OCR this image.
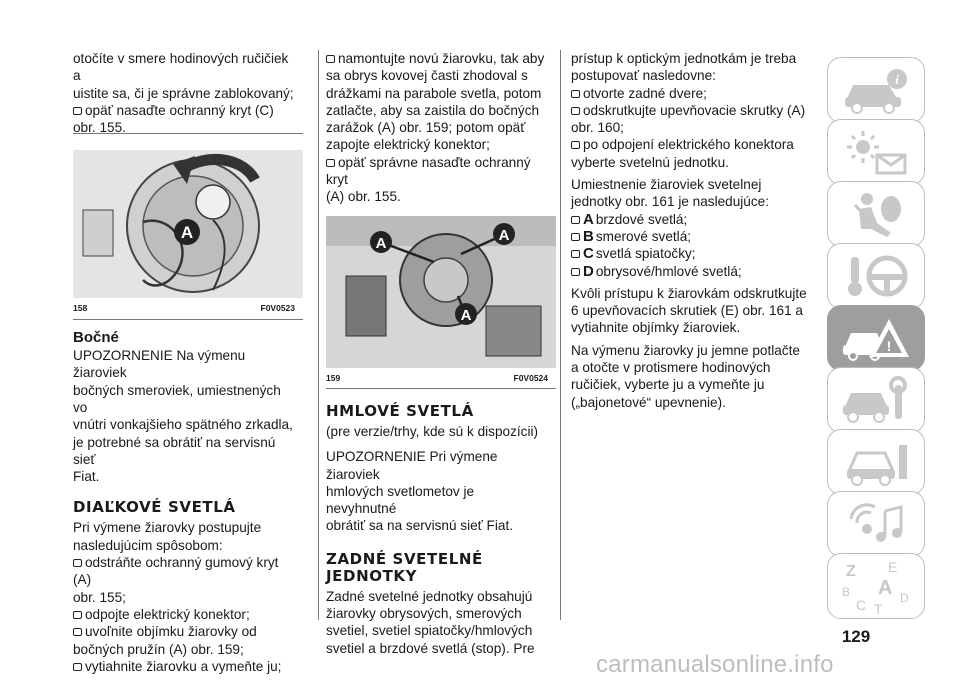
otočíte v smere hodinových ručičiek a

uistite sa, či je správne zablokovaný;

opäť nasaďte ochranný kryt (C)

obr. 155.

A
158	F0V0523
Bočné

UPOZORNENIE Na výmenu žiaroviek

bočných smeroviek, umiestnených vo

vnútri vonkajšieho spätného zrkadla,

je potrebné sa obrátiť na servisnú sieť

Fiat.

DIAĽKOVÉ SVETLÁ

Pri výmene žiarovky postupujte

nasledujúcim spôsobom:

odstráňte ochranný gumový kryt (A)

obr. 155;

odpojte elektrický konektor;

uvoľnite objímku žiarovky od

bočných pružín (A) obr. 159;

vytiahnite žiarovku a vymeňte ju;

namontujte novú žiarovku, tak aby

sa obrys kovovej časti zhodoval s

drážkami na parabole svetla, potom

zatlačte, aby sa zaistila do bočných

zarážok (A) obr. 159; potom opäť

zapojte elektrický konektor;

opäť správne nasaďte ochranný kryt

(A) obr. 155.

A	A
A
159	F0V0524
HMLOVÉ SVETLÁ

(pre verzie/trhy, kde sú k dispozícii)

UPOZORNENIE Pri výmene žiaroviek

hmlových svetlometov je nevyhnutné

obrátiť sa na servisnú sieť Fiat.

ZADNÉ SVETELNÉ

JEDNOTKY

Zadné svetelné jednotky obsahujú

žiarovky obrysových, smerových

svetiel, svetiel spiatočky/hmlových

svetiel a brzdové svetlá (stop). Pre

prístup k optickým jednotkám je treba

postupovať nasledovne:

otvorte zadné dvere;

odskrutkujte upevňovacie skrutky (A)

obr. 160;

po odpojení elektrického konektora

vyberte svetelnú jednotku.

Umiestnenie žiaroviek svetelnej

jednotky obr. 161 je nasledujúce:

A brzdové svetlá;

B smerové svetlá;

C svetlá spiatočky;

D obrysové/hmlové svetlá;

Kvôli prístupu k žiarovkám odskrutkujte

6 upevňovacích skrutiek (E) obr. 161 a

vytiahnite objímky žiaroviek.

Na výmenu žiarovky ju jemne potlačte

a otočte v protismere hodinových

ručičiek, vyberte ju a vymeňte ju

(„bajonetové“ upevnenie).

i
!
Z E
B A
C T
D
129
carmanualsonline.info
